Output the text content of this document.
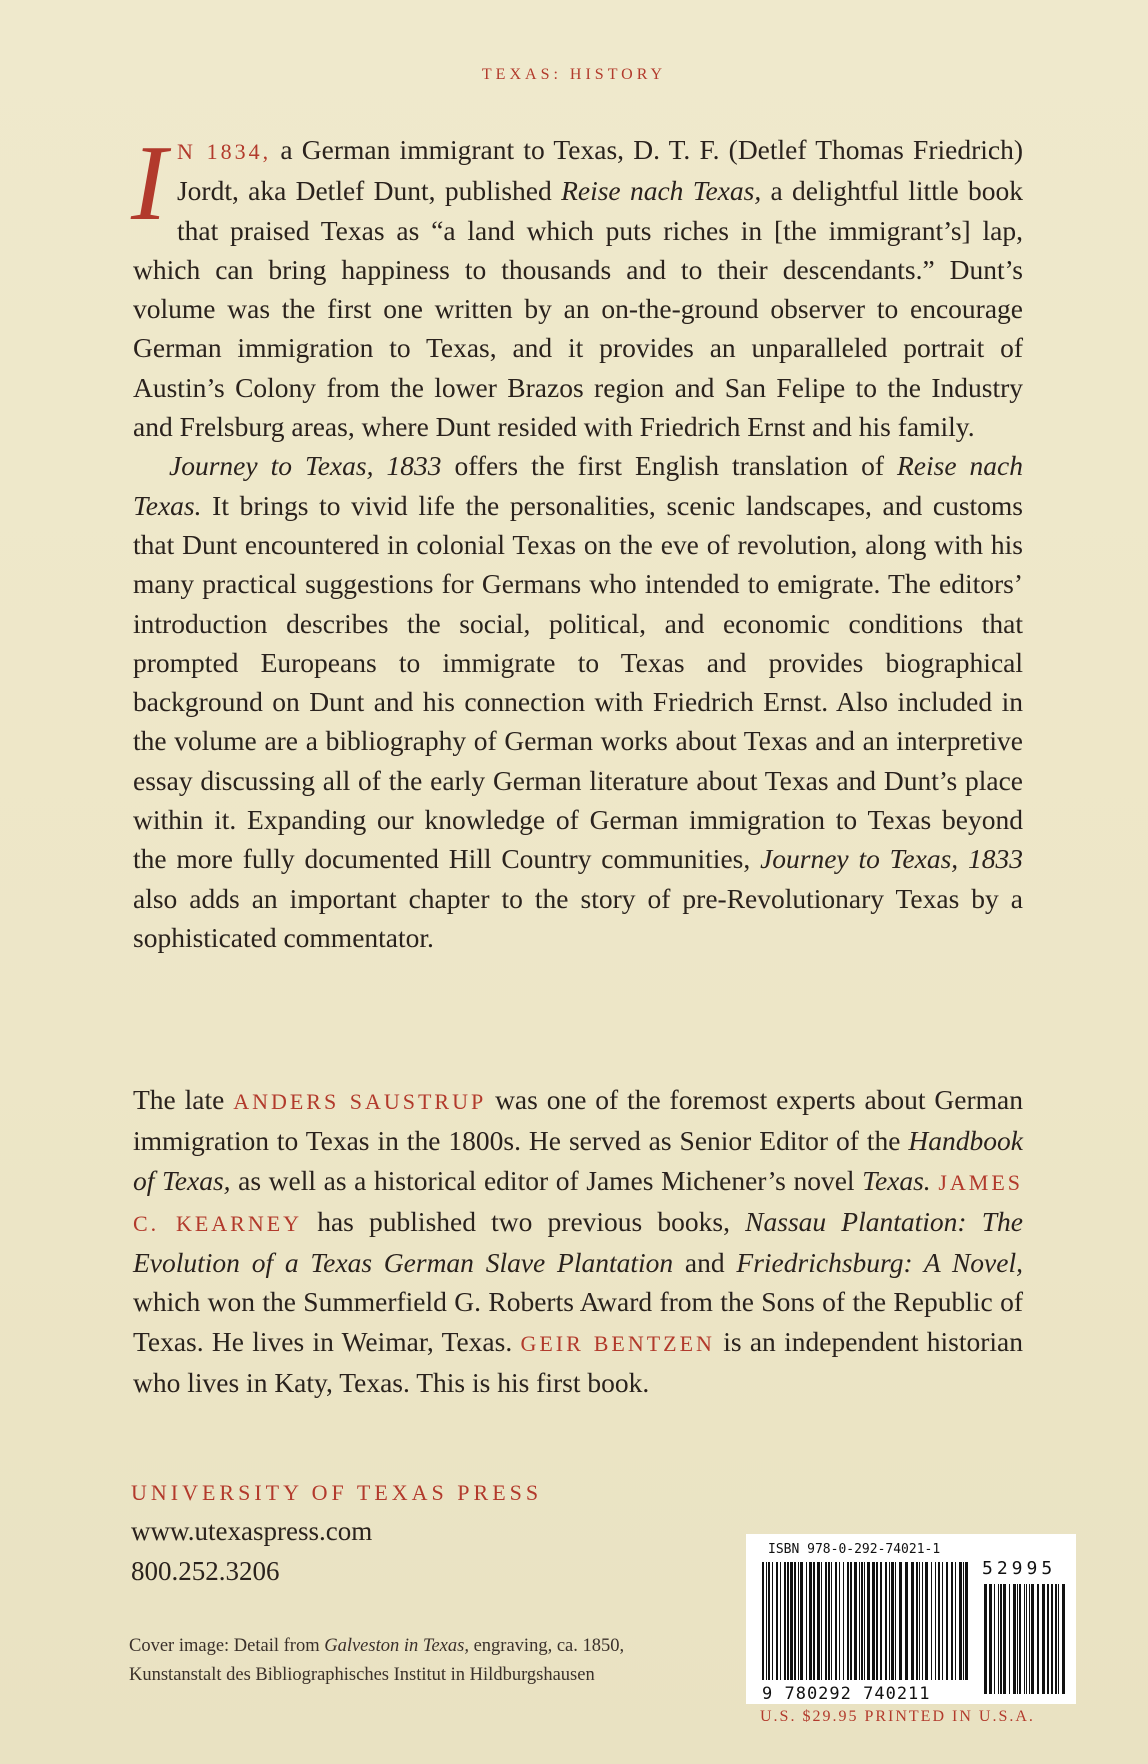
TEXAS: HISTORY

I N 1834, a German immigrant to Texas, D. T. F. (Detlef Thomas Friedrich) Jordt, aka Detlef Dunt, published Reise nach Texas, a delightful little book that praised Texas as “a land which puts riches in [the immigrant’s] lap, which can bring happiness to thousands and to their descendants.” Dunt’s volume was the first one written by an on-the-ground observer to encourage German immigration to Texas, and it provides an unparalleled portrait of Austin’s Colony from the lower Brazos region and San Felipe to the Industry and Frelsburg areas, where Dunt resided with Friedrich Ernst and his family.

Journey to Texas, 1833 offers the first English translation of Reise nach Texas. It brings to vivid life the personalities, scenic landscapes, and customs that Dunt encountered in colonial Texas on the eve of revolution, along with his many practical suggestions for Germans who intended to emigrate. The editors’ introduction describes the social, political, and economic conditions that prompted Europeans to immigrate to Texas and provides biographical background on Dunt and his connection with Friedrich Ernst. Also included in the volume are a bibliography of German works about Texas and an interpretive essay discussing all of the early German literature about Texas and Dunt’s place within it. Expanding our knowledge of German immigration to Texas beyond the more fully documented Hill Country communities, Journey to Texas, 1833 also adds an important chapter to the story of pre-Revolutionary Texas by a sophisticated commentator.

The late ANDERS SAUSTRUP was one of the foremost experts about German immigration to Texas in the 1800s. He served as Senior Editor of the Handbook of Texas, as well as a historical editor of James Michener’s novel Texas. JAMES C. KEARNEY has published two previous books, Nassau Plantation: The Evolution of a Texas German Slave Plantation and Friedrichsburg: A Novel, which won the Summerfield G. Roberts Award from the Sons of the Republic of Texas. He lives in Weimar, Texas. GEIR BENTZEN is an independent historian who lives in Katy, Texas. This is his first book.

UNIVERSITY OF TEXAS PRESS
www.utexaspress.com
800.252.3206
Cover image: Detail from Galveston in Texas, engraving, ca. 1850, Kunstanstalt des Bibliographisches Institut in Hildburgshausen
ISBN 978-0-292-74021-1
52995
9 780292 740211
U.S. $29.95 PRINTED IN U.S.A.
